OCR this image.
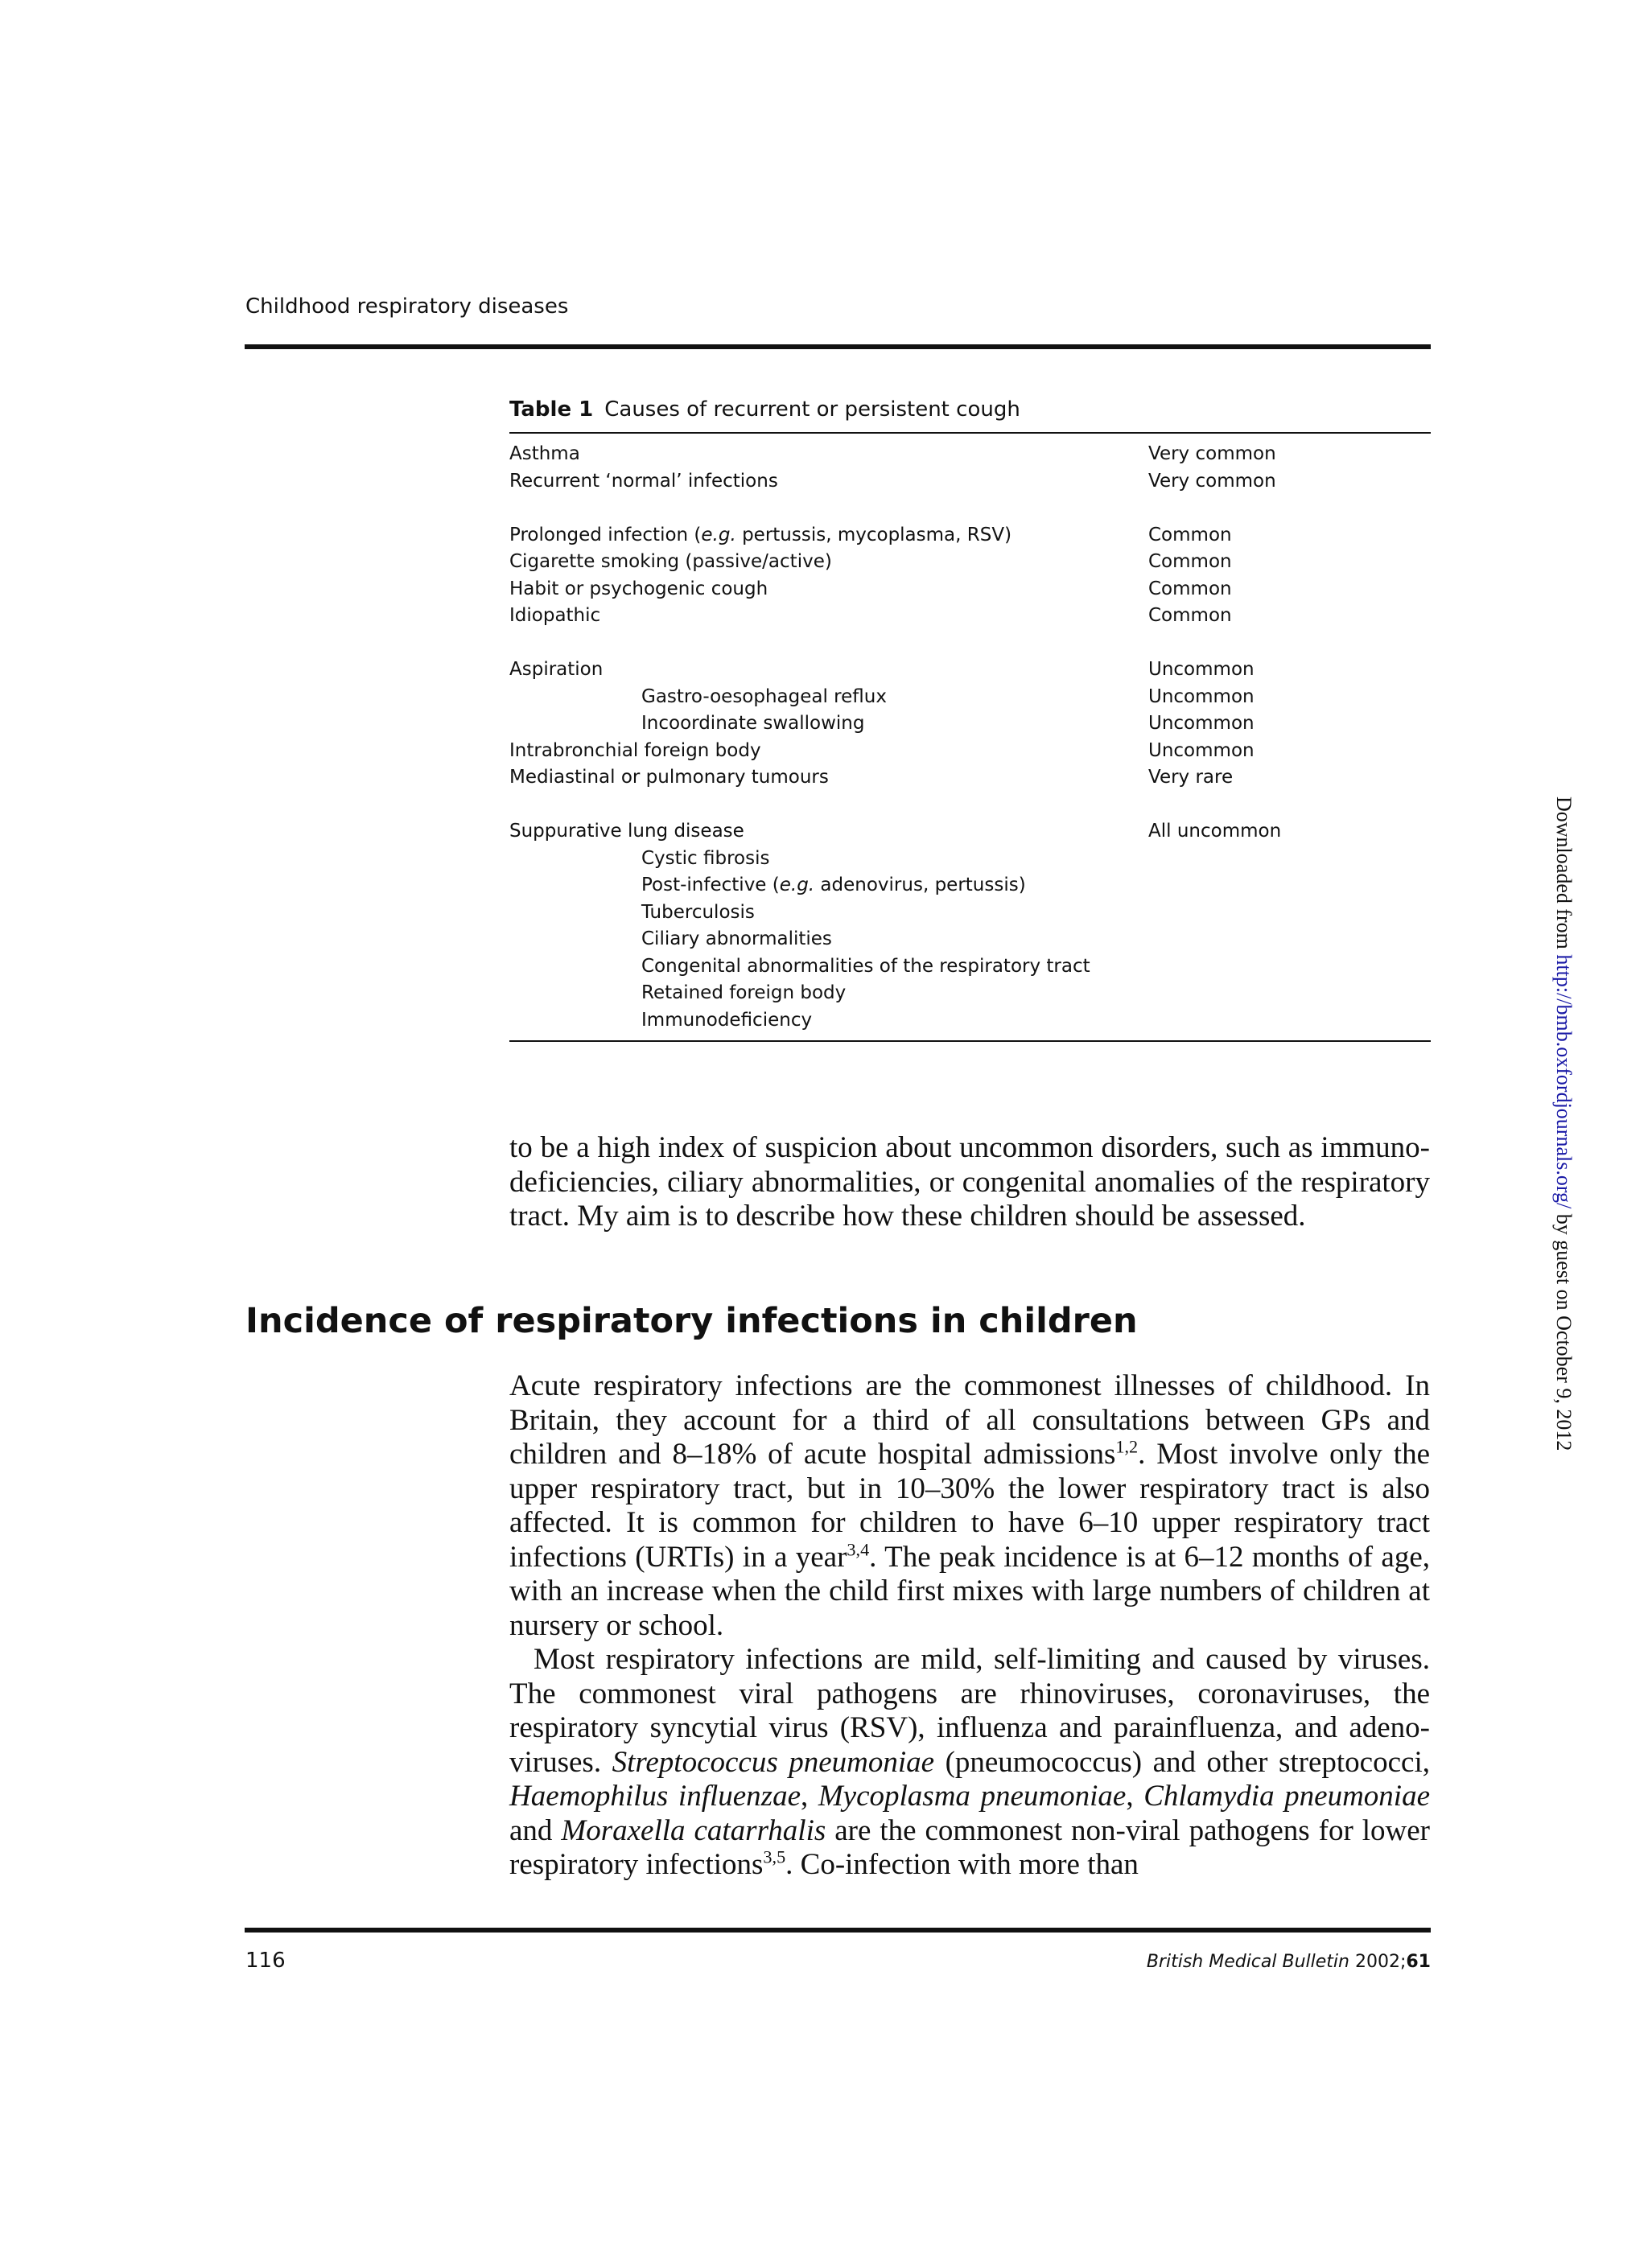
Childhood respiratory diseases
Table 1 Causes of recurrent or persistent cough
Asthma	Very common
Recurrent ‘normal’ infections	Very common

Prolonged infection (e.g. pertussis, mycoplasma, RSV)	Common
Cigarette smoking (passive/active)	Common
Habit or psychogenic cough	Common
Idiopathic	Common

Aspiration	Uncommon
Gastro-oesophageal reflux	Uncommon
Incoordinate swallowing	Uncommon
Intrabronchial foreign body	Uncommon
Mediastinal or pulmonary tumours	Very rare

Suppurative lung disease	All uncommon
Cystic fibrosis	
Post-infective (e.g. adenovirus, pertussis)	
Tuberculosis	
Ciliary abnormalities	
Congenital abnormalities of the respiratory tract	
Retained foreign body	
Immunodeficiency	

to be a high index of suspicion about uncommon disorders, such as immuno-deficiencies, ciliary abnormalities, or congenital anomalies of the respiratory tract. My aim is to describe how these children should be assessed.

Incidence of respiratory infections in children

Acute respiratory infections are the commonest illnesses of childhood. In Britain, they account for a third of all consultations between GPs and children and 8–18% of acute hospital admissions$^{1,2}$. Most involve only the upper respiratory tract, but in 10–30% the lower respiratory tract is also affected. It is common for children to have 6–10 upper respiratory tract infections (URTIs) in a year$^{3,4}$. The peak incidence is at 6–12 months of age, with an increase when the child first mixes with large numbers of children at nursery or school.

Most respiratory infections are mild, self-limiting and caused by viruses. The commonest viral pathogens are rhinoviruses, coronaviruses, the respiratory syncytial virus (RSV), influenza and parainfluenza, and adeno-viruses. Streptococcus pneumoniae (pneumococcus) and other streptococci, Haemophilus influenzae, Mycoplasma pneumoniae, Chlamydia pneumoniae and Moraxella catarrhalis are the commonest non-viral pathogens for lower respiratory infections$^{3,5}$. Co-infection with more than

116	British Medical Bulletin 2002;61
Downloaded from http://bmb.oxfordjournals.org/ by guest on October 9, 2012
